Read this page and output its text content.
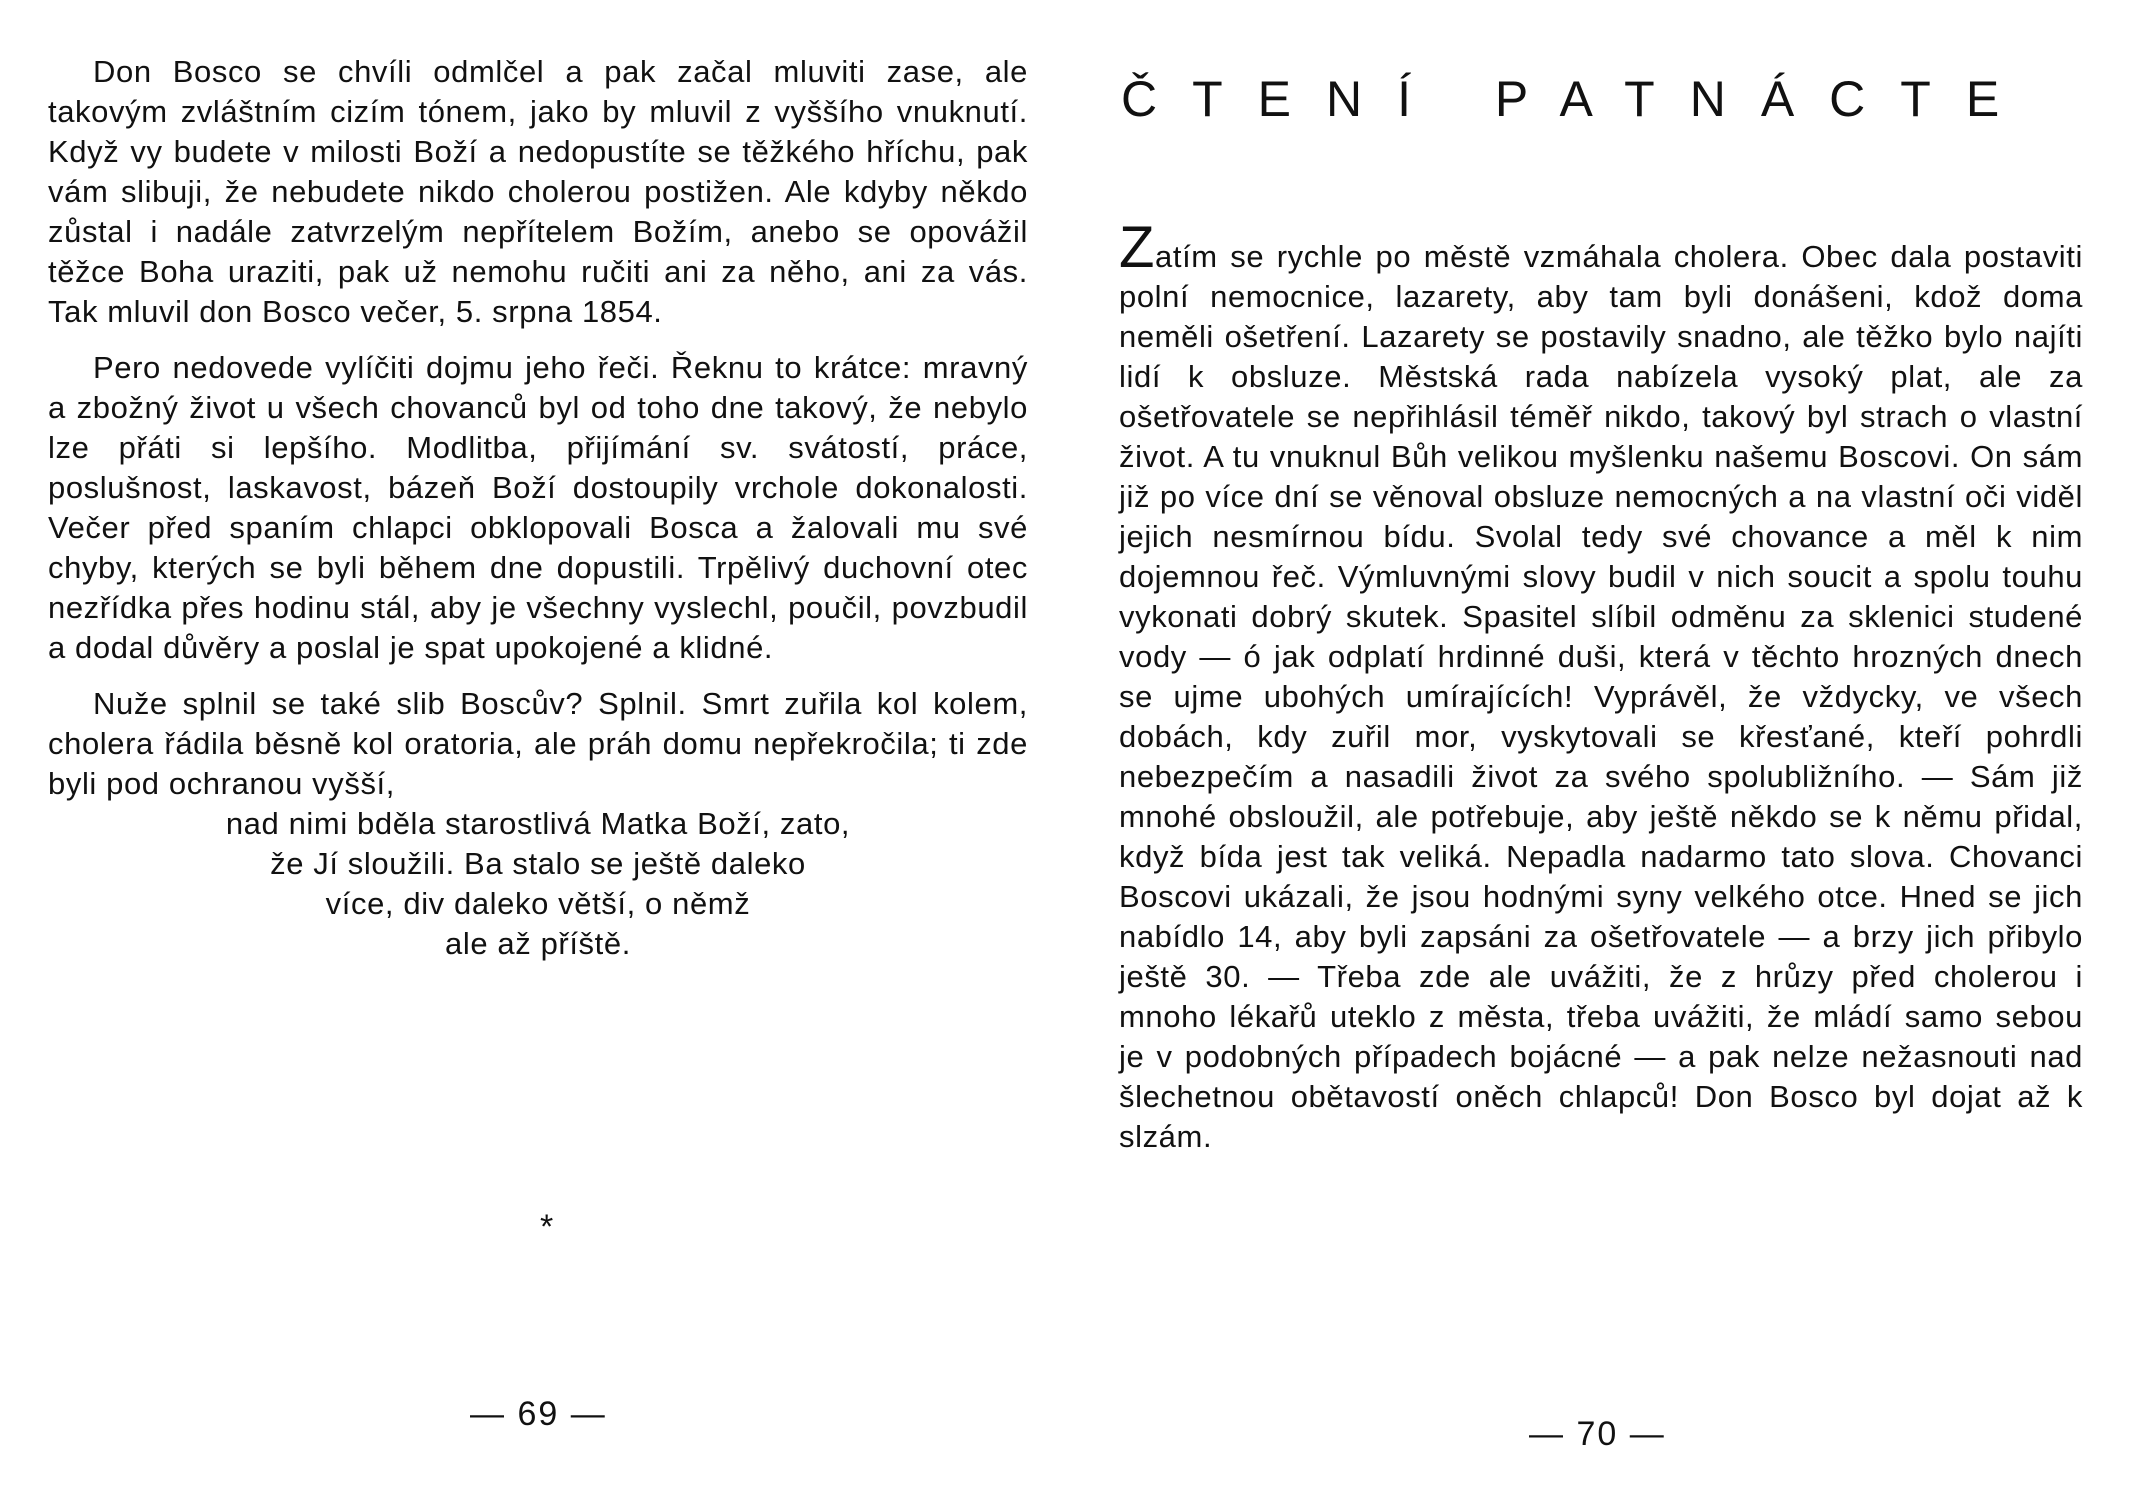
Don Bosco se chvíli odmlčel a pak začal mluviti zase, ale takovým zvláštním cizím tónem, jako by mluvil z vyššího vnuknutí. Když vy budete v milosti Boží a nedopustíte se těžkého hříchu, pak vám slibuji, že nebudete nikdo cholerou postižen. Ale kdyby někdo zůstal i nadále zatvrzelým nepřítelem Božím, anebo se opovážil těžce Boha uraziti, pak už nemohu ručiti ani za něho, ani za vás. Tak mluvil don Bosco večer, 5. srpna 1854.

Pero nedovede vylíčiti dojmu jeho řeči. Řeknu to krátce: mravný a zbožný život u všech chovanců byl od toho dne takový, že nebylo lze přáti si lepšího. Modlitba, přijímání sv. svátostí, práce, poslušnost, laskavost, bázeň Boží dostoupily vrchole dokonalosti. Večer před spaním chlapci obklopovali Bosca a žalovali mu své chyby, kterých se byli během dne dopustili. Trpělivý duchovní otec nezřídka přes hodinu stál, aby je všechny vyslechl, poučil, povzbudil a dodal důvěry a poslal je spat upokojené a klidné.

Nuže splnil se také slib Boscův? Splnil. Smrt zuřila kol kolem, cholera řádila běsně kol oratoria, ale práh domu nepřekročila; ti zde byli pod ochranou vyšší,

nad nimi bděla starostlivá Matka Boží, zato,
že Jí sloužili. Ba stalo se ještě daleko
více, div daleko větší, o němž
ale až příště.
*
— 69 —
ČTENÍ PATNÁCTE

Zatím se rychle po městě vzmáhala cholera. Obec dala postaviti polní nemocnice, lazarety, aby tam byli donášeni, kdož doma neměli ošetření. Lazarety se postavily snadno, ale těžko bylo najíti lidí k obsluze. Městská rada nabízela vysoký plat, ale za ošetřovatele se nepřihlásil téměř nikdo, takový byl strach o vlastní život. A tu vnuknul Bůh velikou myšlenku našemu Boscovi. On sám již po více dní se věnoval obsluze nemocných a na vlastní oči viděl jejich nesmírnou bídu. Svolal tedy své chovance a měl k nim dojemnou řeč. Výmluvnými slovy budil v nich soucit a spolu touhu vykonati dobrý skutek. Spasitel slíbil odměnu za sklenici studené vody — ó jak odplatí hrdinné duši, která v těchto hrozných dnech se ujme ubohých umírajících! Vyprávěl, že vždycky, ve všech dobách, kdy zuřil mor, vyskytovali se křesťané, kteří pohrdli nebezpečím a nasadili život za svého spolubližního. — Sám již mnohé obsloužil, ale potřebuje, aby ještě někdo se k němu přidal, když bída jest tak veliká. Nepadla nadarmo tato slova. Chovanci Boscovi ukázali, že jsou hodnými syny velkého otce. Hned se jich nabídlo 14, aby byli zapsáni za ošetřovatele — a brzy jich přibylo ještě 30. — Třeba zde ale uvážiti, že z hrůzy před cholerou i mnoho lékařů uteklo z města, třeba uvážiti, že mládí samo sebou je v podobných případech bojácné — a pak nelze nežasnouti nad šlechetnou obětavostí oněch chlapců! Don Bosco byl dojat až k slzám.

— 70 —
